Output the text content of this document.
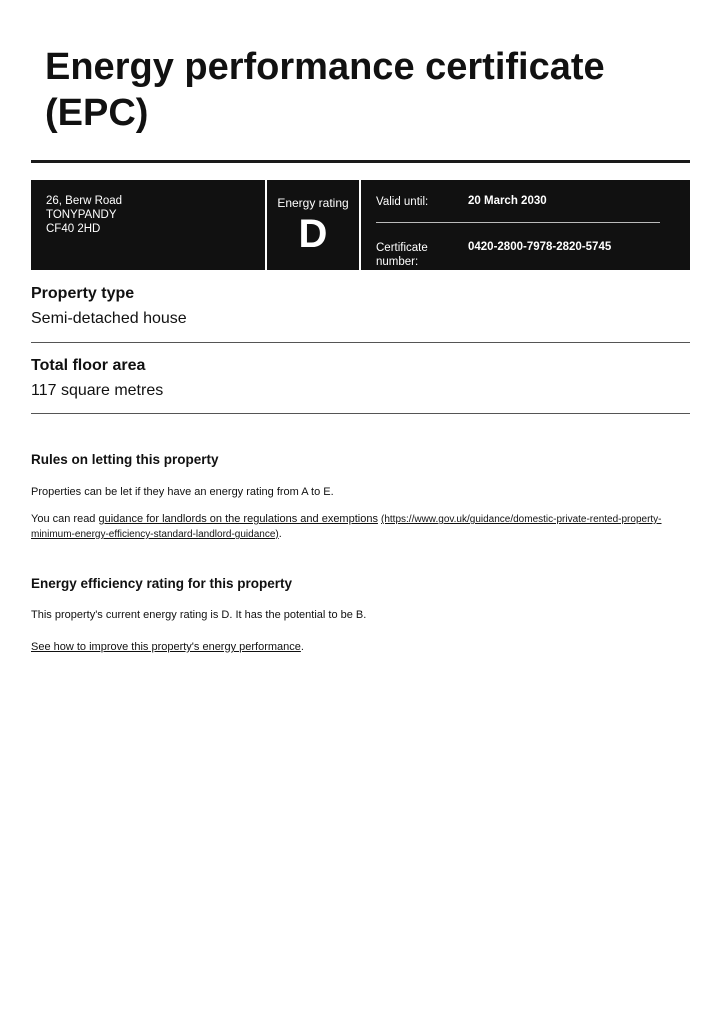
Energy performance certificate (EPC)
26, Berw Road
TONYPANDY
CF40 2HD
Energy rating
D
Valid until:	20 March 2030
Certificate number:
0420-2800-7978-2820-5745
Property type
Semi-detached house
Total floor area
117 square metres
Rules on letting this property
Properties can be let if they have an energy rating from A to E.
You can read guidance for landlords on the regulations and exemptions (https://www.gov.uk/guidance/domestic-private-rented-property-minimum-energy-efficiency-standard-landlord-guidance).
Energy efficiency rating for this property
This property's current energy rating is D. It has the potential to be B.
See how to improve this property's energy performance.
